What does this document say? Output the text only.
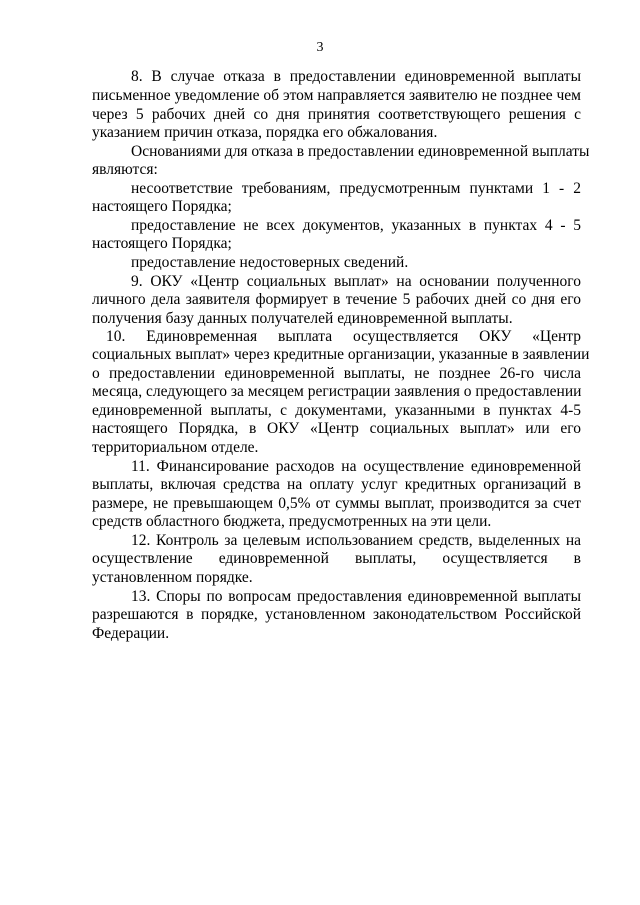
3
8. В случае отказа в предоставлении единовременной выплаты
письменное уведомление об этом направляется заявителю не позднее чем
через 5 рабочих дней со дня принятия соответствующего решения с
указанием причин отказа, порядка его обжалования.
Основаниями для отказа в предоставлении единовременной выплаты
являются:
несоответствие требованиям, предусмотренным пунктами 1 - 2
настоящего Порядка;
предоставление не всех документов, указанных в пунктах 4 - 5
настоящего Порядка;
предоставление недостоверных сведений.
9. ОКУ «Центр социальных выплат» на основании полученного
личного дела заявителя формирует в течение 5 рабочих дней со дня его
получения базу данных получателей единовременной выплаты.
10. Единовременная выплата осуществляется ОКУ «Центр
социальных выплат» через кредитные организации, указанные в заявлении
о предоставлении единовременной выплаты, не позднее 26-го числа
месяца, следующего за месяцем регистрации заявления о предоставлении
единовременной выплаты, с документами, указанными в пунктах 4-5
настоящего Порядка, в ОКУ «Центр социальных выплат» или его
территориальном отделе.
11. Финансирование расходов на осуществление единовременной
выплаты, включая средства на оплату услуг кредитных организаций в
размере, не превышающем 0,5% от суммы выплат, производится за счет
средств областного бюджета, предусмотренных на эти цели.
12. Контроль за целевым использованием средств, выделенных на
осуществление единовременной выплаты, осуществляется в
установленном порядке.
13. Споры по вопросам предоставления единовременной выплаты
разрешаются в порядке, установленном законодательством Российской
Федерации.
